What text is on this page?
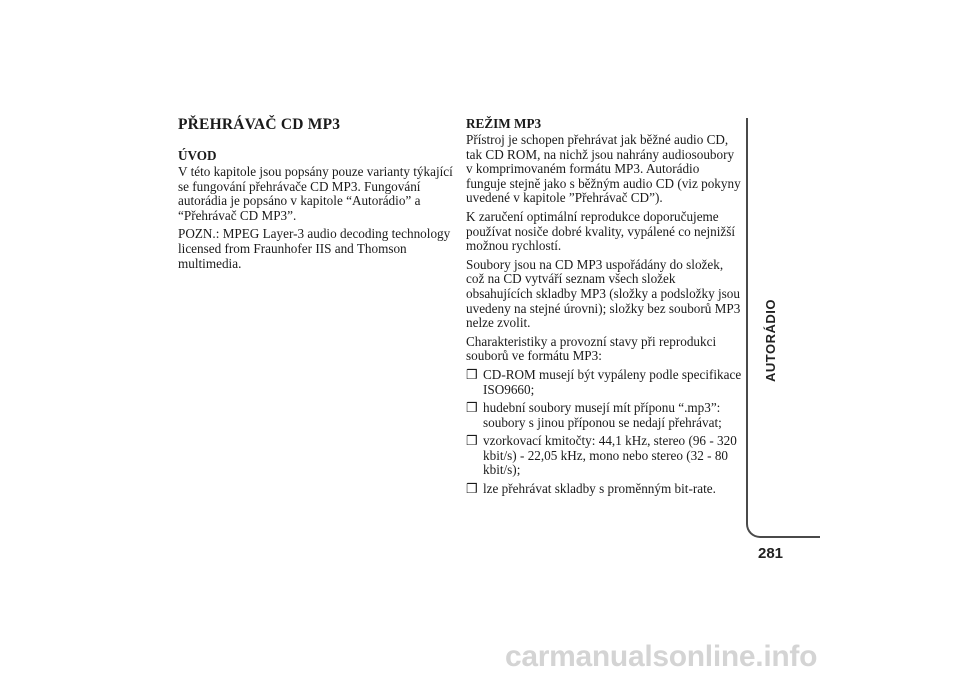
PŘEHRÁVAČ CD MP3
ÚVOD

V této kapitole jsou popsány pouze varianty týkající se fungování přehrávače CD MP3. Fungování autorádia je popsáno v kapitole “Autorádio” a “Přehrávač CD MP3”.

POZN.: MPEG Layer-3 audio decoding technology licensed from Fraunhofer IIS and Thomson multimedia.

REŽIM MP3

Přístroj je schopen přehrávat jak běžné audio CD, tak CD ROM, na nichž jsou nahrány audiosoubory v komprimovaném formátu MP3. Autorádio funguje stejně jako s běžným audio CD (viz pokyny uvedené v kapitole ”Přehrávač CD”).

K zaručení optimální reprodukce doporučujeme používat nosiče dobré kvality, vypálené co nejnižší možnou rychlostí.

Soubory jsou na CD MP3 uspořádány do složek, což na CD vytváří seznam všech složek obsahujících skladby MP3 (složky a podsložky jsou uvedeny na stejné úrovni); složky bez souborů MP3 nelze zvolit.

Charakteristiky a provozní stavy při reprodukci souborů ve formátu MP3:

❒ CD-ROM musejí být vypáleny podle specifikace ISO9660;
❒ hudební soubory musejí mít příponu “.mp3”: soubory s jinou příponou se nedají přehrávat;
❒ vzorkovací kmitočty: 44,1 kHz, stereo (96 - 320 kbit/s) - 22,05 kHz, mono nebo stereo (32 - 80 kbit/s);
❒ lze přehrávat skladby s proměnným bit-rate.
AUTORÁDIO
281
carmanualsonline.info
